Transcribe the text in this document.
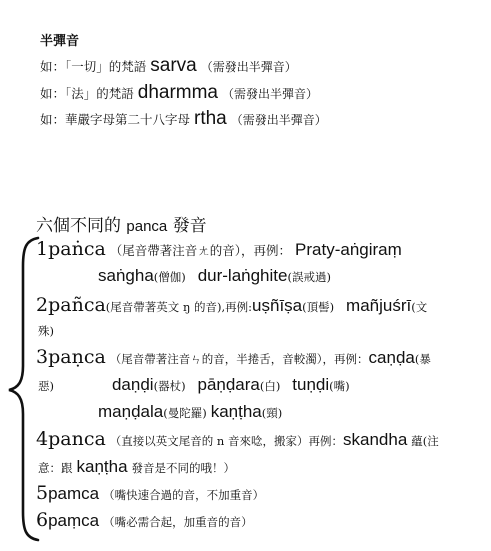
半彈音
如：「一切」的梵語 sarva （需發出半彈音）
如：「法」的梵語 dharmma （需發出半彈音）
如：華嚴字母第二十八字母 rtha （需發出半彈音）
六個不同的 panca 發音
1paṅca （尾音帶著注音ㄤ的音），再例： Praty-aṅgiraṃ
saṅgha(僧伽) dur-laṅghite(誤戒過)
2pañca(尾音帶著英文 ŋ 的音),再例:uṣñīṣa(頂髻) mañjuśrī(文
殊)
3paṇca （尾音帶著注音ㄣ的音，半捲舌，音較濁），再例：caṇḍa(暴
惡)	daṇḍi(器杖) pāṇḍara(白) tuṇḍi(嘴)
maṇḍala(曼陀羅) kaṇṭha(頸)
4panca （直接以英文尾音的 n 音來唸，搬家）再例：skandha 蘊(注
意：跟 kaṇṭha 發音是不同的哦！）
5pamca （嘴快速合過的音，不加重音）
6paṃca （嘴必需合起，加重音的音）
